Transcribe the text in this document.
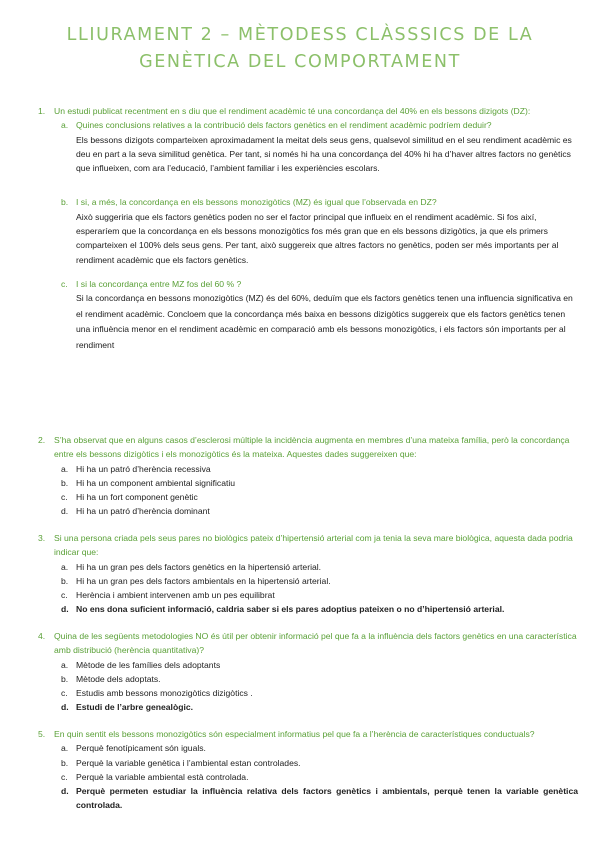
LLIURAMENT 2 – MÈTODESS CLÀSSSICS DE LA GENÈTICA DEL COMPORTAMENT
1.	Un estudi publicat recentment en s diu que el rendiment acadèmic té una concordança del 40% en els bessons dizigots (DZ):
a. Quines conclusions relatives a la contribució dels factors genètics en el rendiment acadèmic podríem deduir?
Els bessons dizigots comparteixen aproximadament la meitat dels seus gens, qualsevol similitud en el seu rendiment acadèmic es deu en part a la seva similitud genètica. Per tant, si només hi ha una concordança del 40% hi ha d’haver altres factors no genètics que influeixen, com ara l’educació, l’ambient familiar i les experiències escolars.
b. I si, a més, la concordança en els bessons monozigòtics (MZ) és igual que l’observada en DZ?
Això suggeriria que els factors genètics poden no ser el factor principal que influeix en el rendiment acadèmic. Si fos així, esperaríem que la concordança en els bessons monozigòtics fos més gran que en els bessons dizigòtics, ja que els primers comparteixen el 100% dels seus gens. Per tant, això suggereix que altres factors no genètics, poden ser més importants per al rendiment acadèmic que els factors genètics.
c. I si la concordança entre MZ fos del 60 % ?
Si la concordança en bessons monozigòtics (MZ) és del 60%, deduïm que els factors genètics tenen una influencia significativa en el rendiment acadèmic. Concloem que la concordança més baixa en bessons dizigòtics suggereix que els factors genètics tenen una influència menor en el rendiment acadèmic en comparació amb els bessons monozigòtics, i els factors són importants per al rendiment
2.	S’ha observat que en alguns casos d’esclerosi múltiple la incidència augmenta en membres d’una mateixa família, però la concordança entre els bessons dizigòtics i els monozigòtics és la mateixa. Aquestes dades suggereixen que:
a. Hi ha un patró d’herència recessiva
b. Hi ha un component ambiental significatiu
c. Hi ha un fort component genètic
d. Hi ha un patró d’herència dominant
3.	Si una persona criada pels seus pares no biològics pateix d’hipertensió arterial com ja tenia la seva mare biològica, aquesta dada podria indicar que:
a. Hi ha un gran pes dels factors genètics en la hipertensió arterial.
b. Hi ha un gran pes dels factors ambientals en la hipertensió arterial.
c. Herència i ambient intervenen amb un pes equilibrat
d. No ens dona suficient informació, caldria saber si els pares adoptius pateixen o no d’hipertensió arterial.
4.	Quina de les següents metodologies NO és útil per obtenir informació pel que fa a la influència dels factors genètics en una característica amb distribució (herència quantitativa)?
a. Mètode de les famílies dels adoptants
b. Mètode dels adoptats.
c. Estudis amb bessons monozigòtics dizigòtics .
d. Estudi de l’arbre genealògic.
5.	En quin sentit els bessons monozigòtics són especialment informatius pel que fa a l’herència de característiques conductuals?
a. Perquè fenotípicament són iguals.
b. Perquè la variable genètica i l’ambiental estan controlades.
c. Perquè la variable ambiental està controlada.
d. Perquè permeten estudiar la influència relativa dels factors genètics i ambientals, perquè tenen la variable genètica controlada.
